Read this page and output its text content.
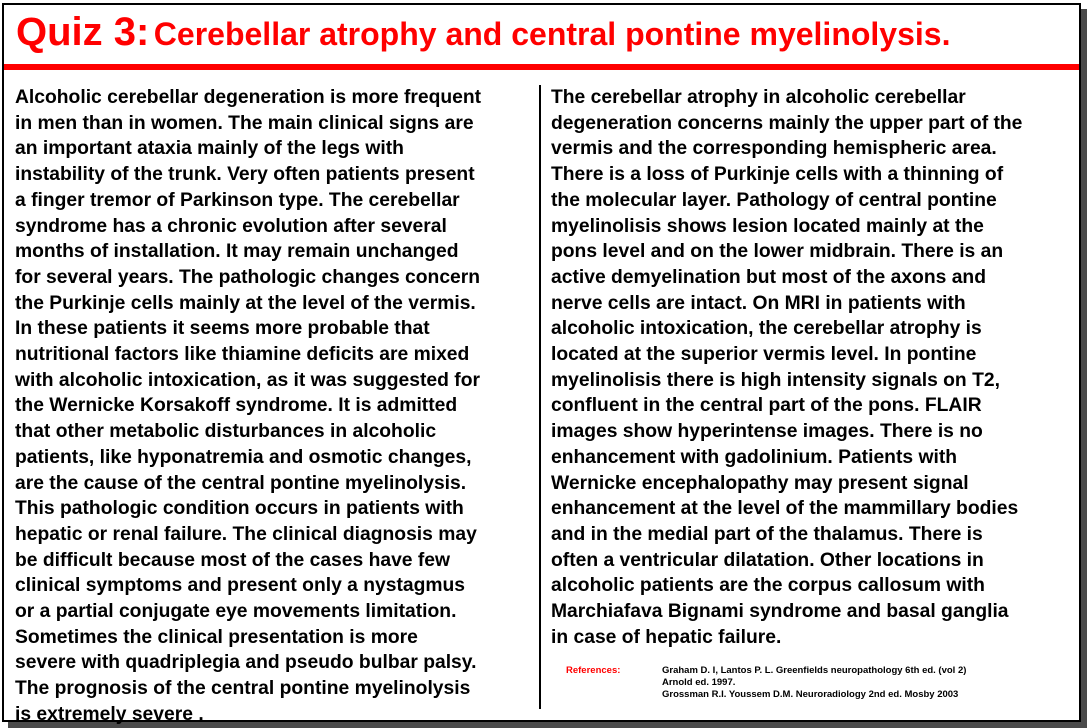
Quiz 3: Cerebellar atrophy and central pontine myelinolysis.
Alcoholic cerebellar degeneration is more frequent
in men than in women. The main clinical signs are
an important ataxia mainly of the legs with
instability of the trunk. Very often patients present
a finger tremor of Parkinson type. The cerebellar
syndrome has a chronic evolution after several
months of installation. It may remain unchanged
for several years. The pathologic changes concern
the Purkinje cells mainly at the level of the vermis.
In these patients it seems more probable that
nutritional factors like thiamine deficits are mixed
with alcoholic intoxication, as it was suggested for
the Wernicke Korsakoff syndrome. It is admitted
that other metabolic disturbances in alcoholic
patients, like hyponatremia and osmotic changes,
are the cause of the central pontine myelinolysis.
This pathologic condition occurs in patients with
hepatic or renal failure. The clinical diagnosis may
be difficult because most of the cases have few
clinical symptoms and present only a nystagmus
or a partial conjugate eye movements limitation.
Sometimes the clinical presentation is more
severe with quadriplegia and pseudo bulbar palsy.
The prognosis of the central pontine myelinolysis
is extremely severe .
The cerebellar atrophy in alcoholic cerebellar
degeneration concerns mainly the upper part of the
vermis and the corresponding hemispheric area.
There is a loss of Purkinje cells with a thinning of
the molecular layer. Pathology of central pontine
myelinolisis shows lesion located mainly at the
pons level and on the lower midbrain. There is an
active demyelination but most of the axons and
nerve cells are intact. On MRI in patients with
alcoholic intoxication, the cerebellar atrophy is
located at the superior vermis level. In pontine
myelinolisis there is high intensity signals on T2,
confluent in the central part of the pons. FLAIR
images show hyperintense images. There is no
enhancement with gadolinium. Patients with
Wernicke encephalopathy may present signal
enhancement at the level of the mammillary bodies
and in the medial part of the thalamus. There is
often a ventricular dilatation. Other locations in
alcoholic patients are the corpus callosum with
Marchiafava Bignami syndrome and basal ganglia
in case of hepatic failure.
References:	Graham D. I, Lantos P. L. Greenfields neuropathology 6th ed. (vol 2)
Arnold ed. 1997.
Grossman R.I. Youssem D.M. Neuroradiology 2nd ed. Mosby 2003
